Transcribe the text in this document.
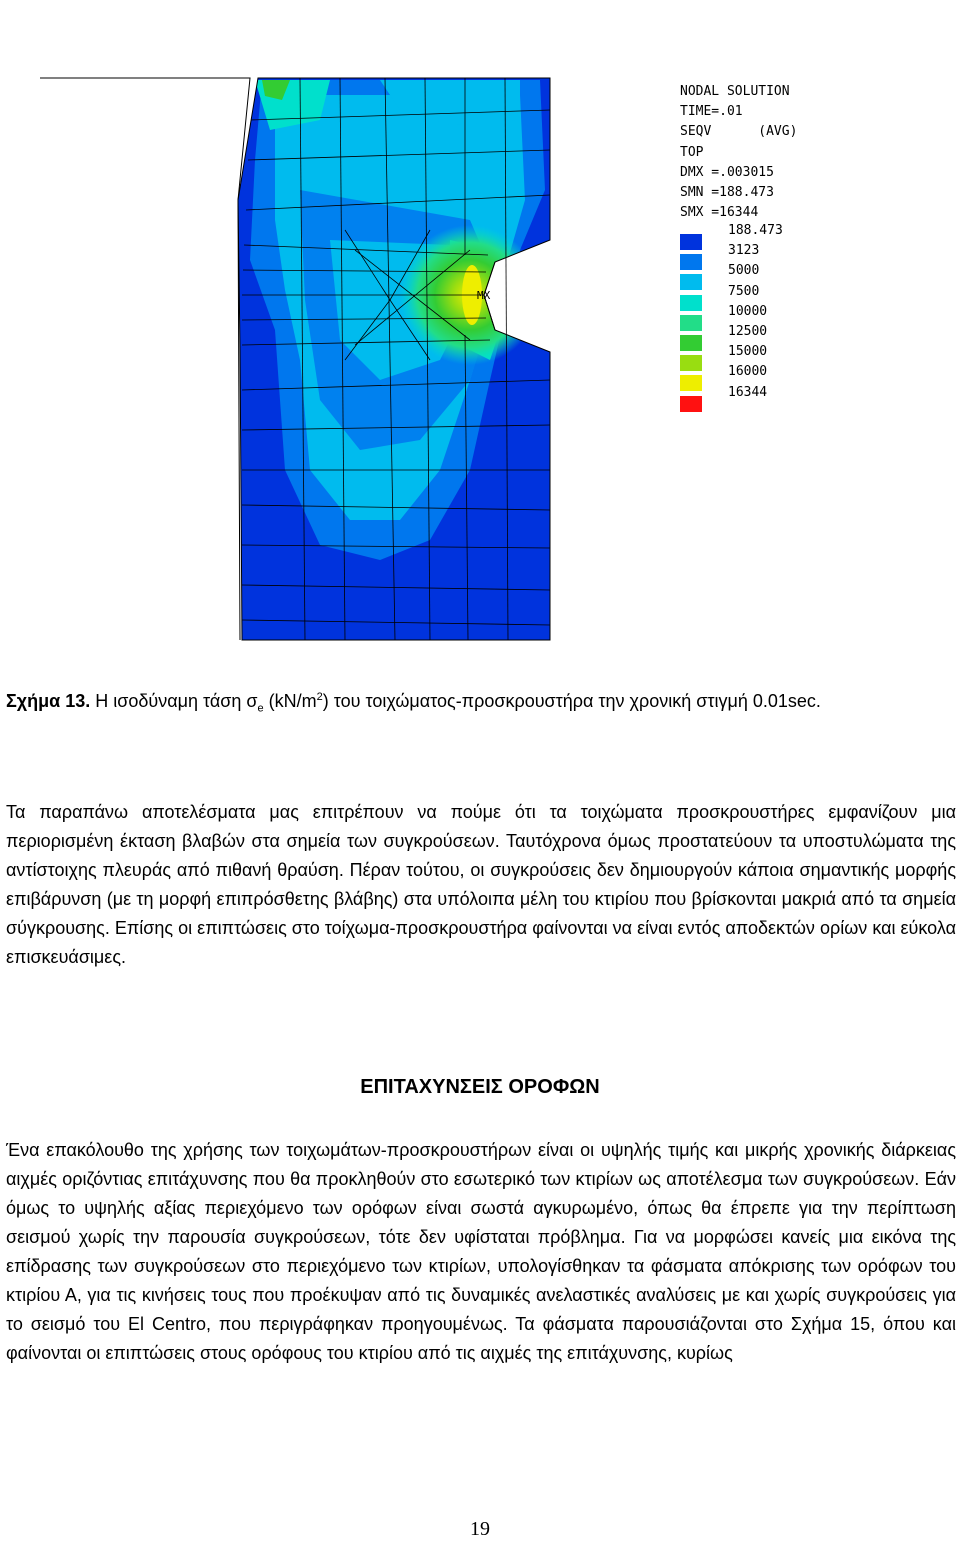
MX
NODAL SOLUTION
TIME=.01
SEQV      (AVG)
TOP
DMX =.003015
SMN =188.473
SMX =16344
188.473
3123
5000
7500
10000
12500
15000
16000
16344
Σχήμα 13. Η ισοδύναμη τάση $\sigma_e$ $(kN/m^2)$ του τοιχώματος-προσκρουστήρα την χρονική στιγμή 0.01sec.
Τα παραπάνω αποτελέσματα μας επιτρέπουν να πούμε ότι τα τοιχώματα προσκρουστήρες εμφανίζουν μια περιορισμένη έκταση βλαβών στα σημεία των συγκρούσεων. Ταυτόχρονα όμως προστατεύουν τα υποστυλώματα της αντίστοιχης πλευράς από πιθανή θραύση. Πέραν τούτου, οι συγκρούσεις δεν δημιουργούν κάποια σημαντικής μορφής επιβάρυνση (με τη μορφή επιπρόσθετης βλάβης) στα υπόλοιπα μέλη του κτιρίου που βρίσκονται μακριά από τα σημεία σύγκρουσης. Επίσης οι επιπτώσεις στο τοίχωμα-προσκρουστήρα φαίνονται να είναι εντός αποδεκτών ορίων και εύκολα επισκευάσιμες.
ΕΠΙΤΑΧΥΝΣΕΙΣ ΟΡΟΦΩΝ
Ένα επακόλουθο της χρήσης των τοιχωμάτων-προσκρουστήρων είναι οι υψηλής τιμής και μικρής χρονικής διάρκειας αιχμές οριζόντιας επιτάχυνσης που θα προκληθούν στο εσωτερικό των κτιρίων ως αποτέλεσμα των συγκρούσεων. Εάν όμως το υψηλής αξίας περιεχόμενο των ορόφων είναι σωστά αγκυρωμένο, όπως θα έπρεπε για την περίπτωση σεισμού χωρίς την παρουσία συγκρούσεων, τότε δεν υφίσταται πρόβλημα. Για να μορφώσει κανείς μια εικόνα της επίδρασης των συγκρούσεων στο περιεχόμενο των κτιρίων, υπολογίσθηκαν τα φάσματα απόκρισης των ορόφων του κτιρίου Α, για τις κινήσεις τους που προέκυψαν από τις δυναμικές ανελαστικές αναλύσεις με και χωρίς συγκρούσεις για το σεισμό του El Centro, που περιγράφηκαν προηγουμένως. Τα φάσματα παρουσιάζονται στο Σχήμα 15, όπου και φαίνονται οι επιπτώσεις στους ορόφους του κτιρίου από τις αιχμές της επιτάχυνσης, κυρίως
19
